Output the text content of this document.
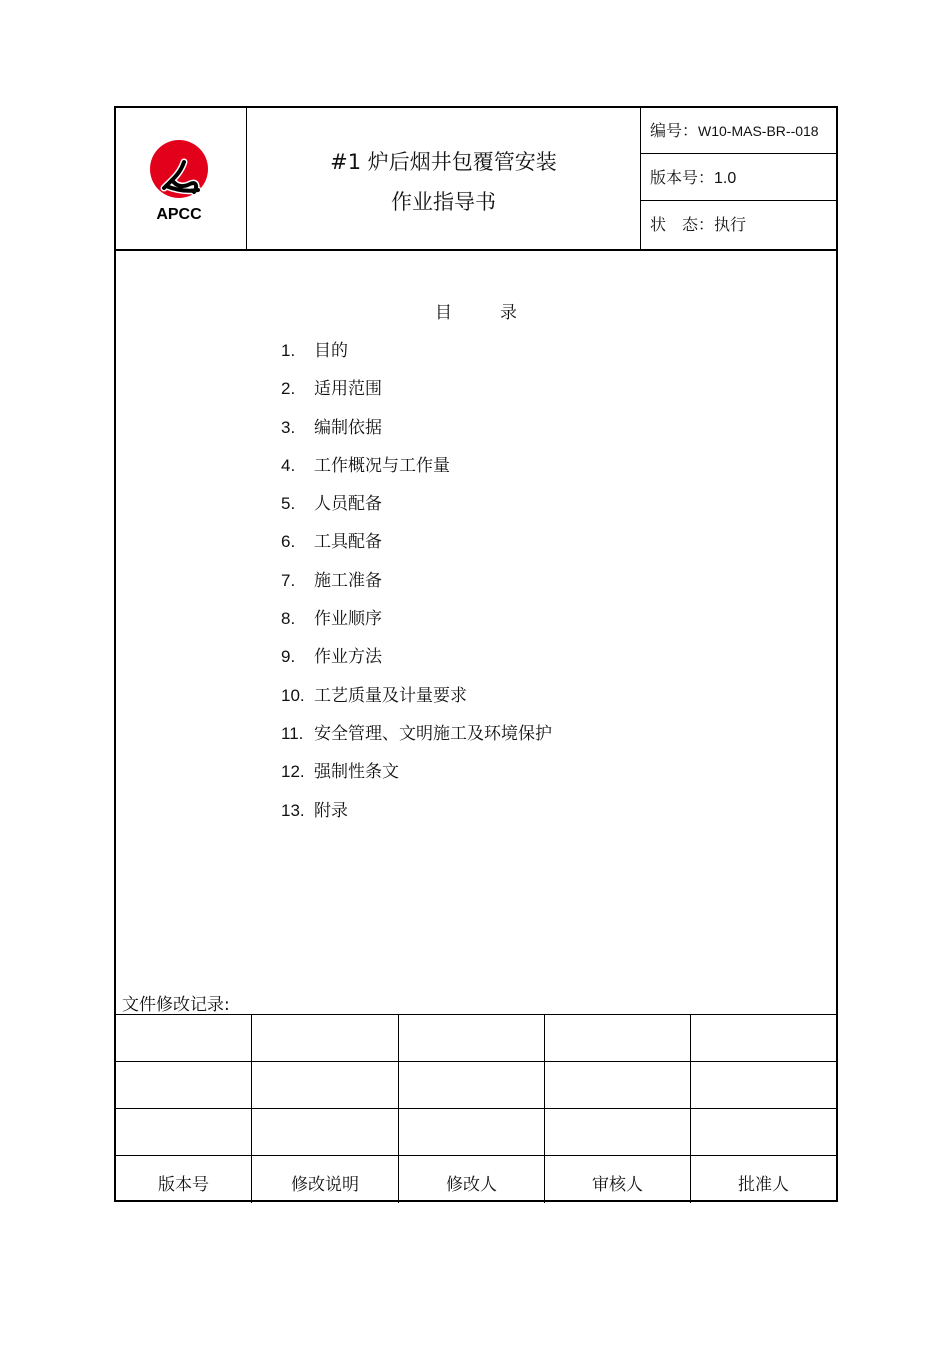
APCC
#1 炉后烟井包覆管安装
作业指导书
编号：W10-MAS-BR--018
版本号：1.0
状　态：执行
目录
1. 目的
2. 适用范围
3. 编制依据
4. 工作概况与工作量
5. 人员配备
6. 工具配备
7. 施工准备
8. 作业顺序
9. 作业方法
10. 工艺质量及计量要求
11. 安全管理、文明施工及环境保护
12. 强制性条文
13. 附录
文件修改记录:
版本号	修改说明	修改人	审核人	批准人
